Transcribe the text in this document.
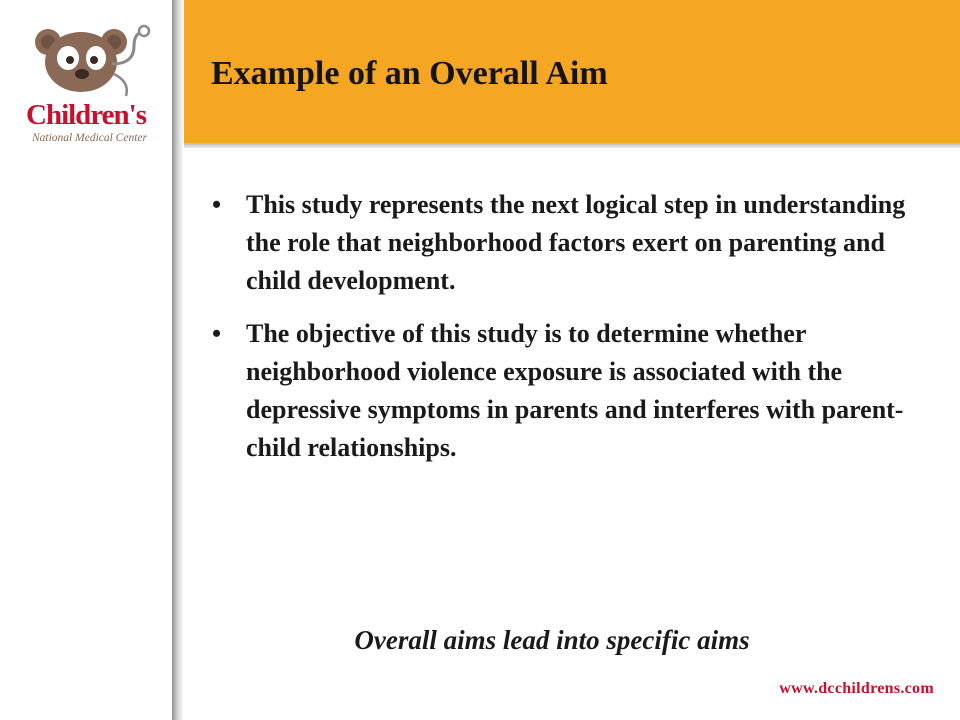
Children's
National Medical Center
Example of an Overall Aim
• This study represents the next logical step in understanding the role that neighborhood factors exert on parenting and child development.
• The objective of this study is to determine whether neighborhood violence exposure is associated with the depressive symptoms in parents and interferes with parent-child relationships.

Overall aims lead into specific aims

www.dcchildrens.com
